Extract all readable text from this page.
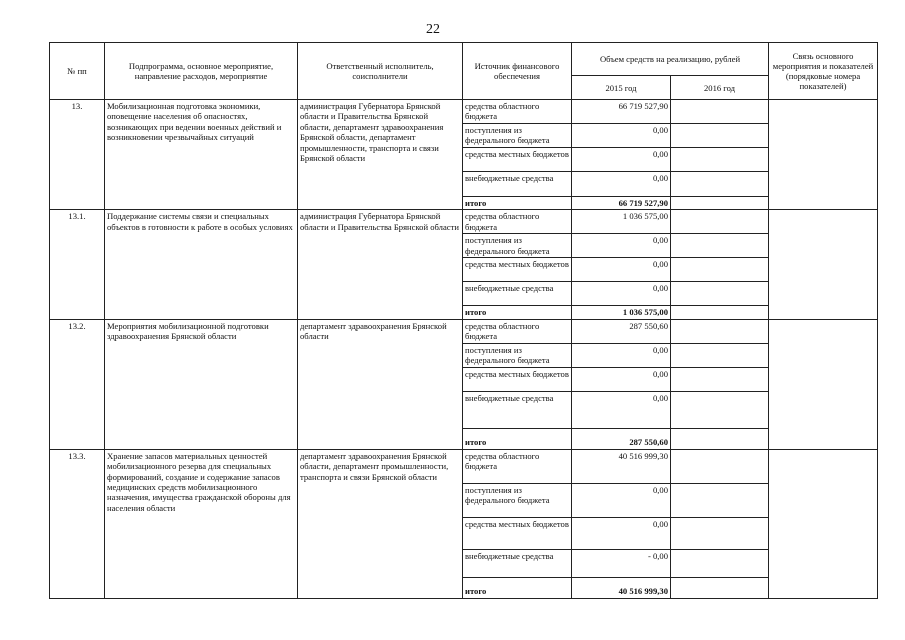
22
№ пп	Подпрограмма, основное мероприятие, направление расходов, мероприятие	Ответственный исполнитель, соисполнители	Источник финансового обеспечения	Объем средств на реализацию, рублей		Связь основного мероприятия и показателей (порядковые номера показателей)
				2015 год	2016 год	
13.	Мобилизационная подготовка экономики, оповещение населения об опасностях, возникающих при ведении военных действий и возникновении чрезвычайных ситуаций	администрация Губернатора Брянской области и Правительства Брянской области, департамент здравоохранения Брянской области, департамент промышленности, транспорта и связи Брянской области	средства областного бюджета	66 719 527,90		
			поступления из федерального бюджета	0,00		
			средства местных бюджетов	0,00		
			внебюджетные средства	0,00		
			итого	66 719 527,90		
13.1.	Поддержание системы связи и специальных объектов в готовности к работе в особых условиях	администрация Губернатора Брянской области и Правительства Брянской области	средства областного бюджета	1 036 575,00		
			поступления из федерального бюджета	0,00		
			средства местных бюджетов	0,00		
			внебюджетные средства	0,00		
			итого	1 036 575,00		
13.2.	Мероприятия мобилизационной подготовки здравоохранения Брянской области	департамент здравоохранения Брянской области	средства областного бюджета	287 550,60		
			поступления из федерального бюджета	0,00		
			средства местных бюджетов	0,00		
			внебюджетные средства	0,00		
			итого	287 550,60		
13.3.	Хранение запасов материальных ценностей мобилизационного резерва для специальных формирований, создание и содержание запасов медицинских средств мобилизационного назначения, имущества гражданской обороны для населения области	департамент здравоохранения Брянской области, департамент промышленности, транспорта и связи Брянской области	средства областного бюджета	40 516 999,30		
			поступления из федерального бюджета	0,00		
			средства местных бюджетов	0,00		
			внебюджетные средства	- 0,00		
			итого	40 516 999,30		
